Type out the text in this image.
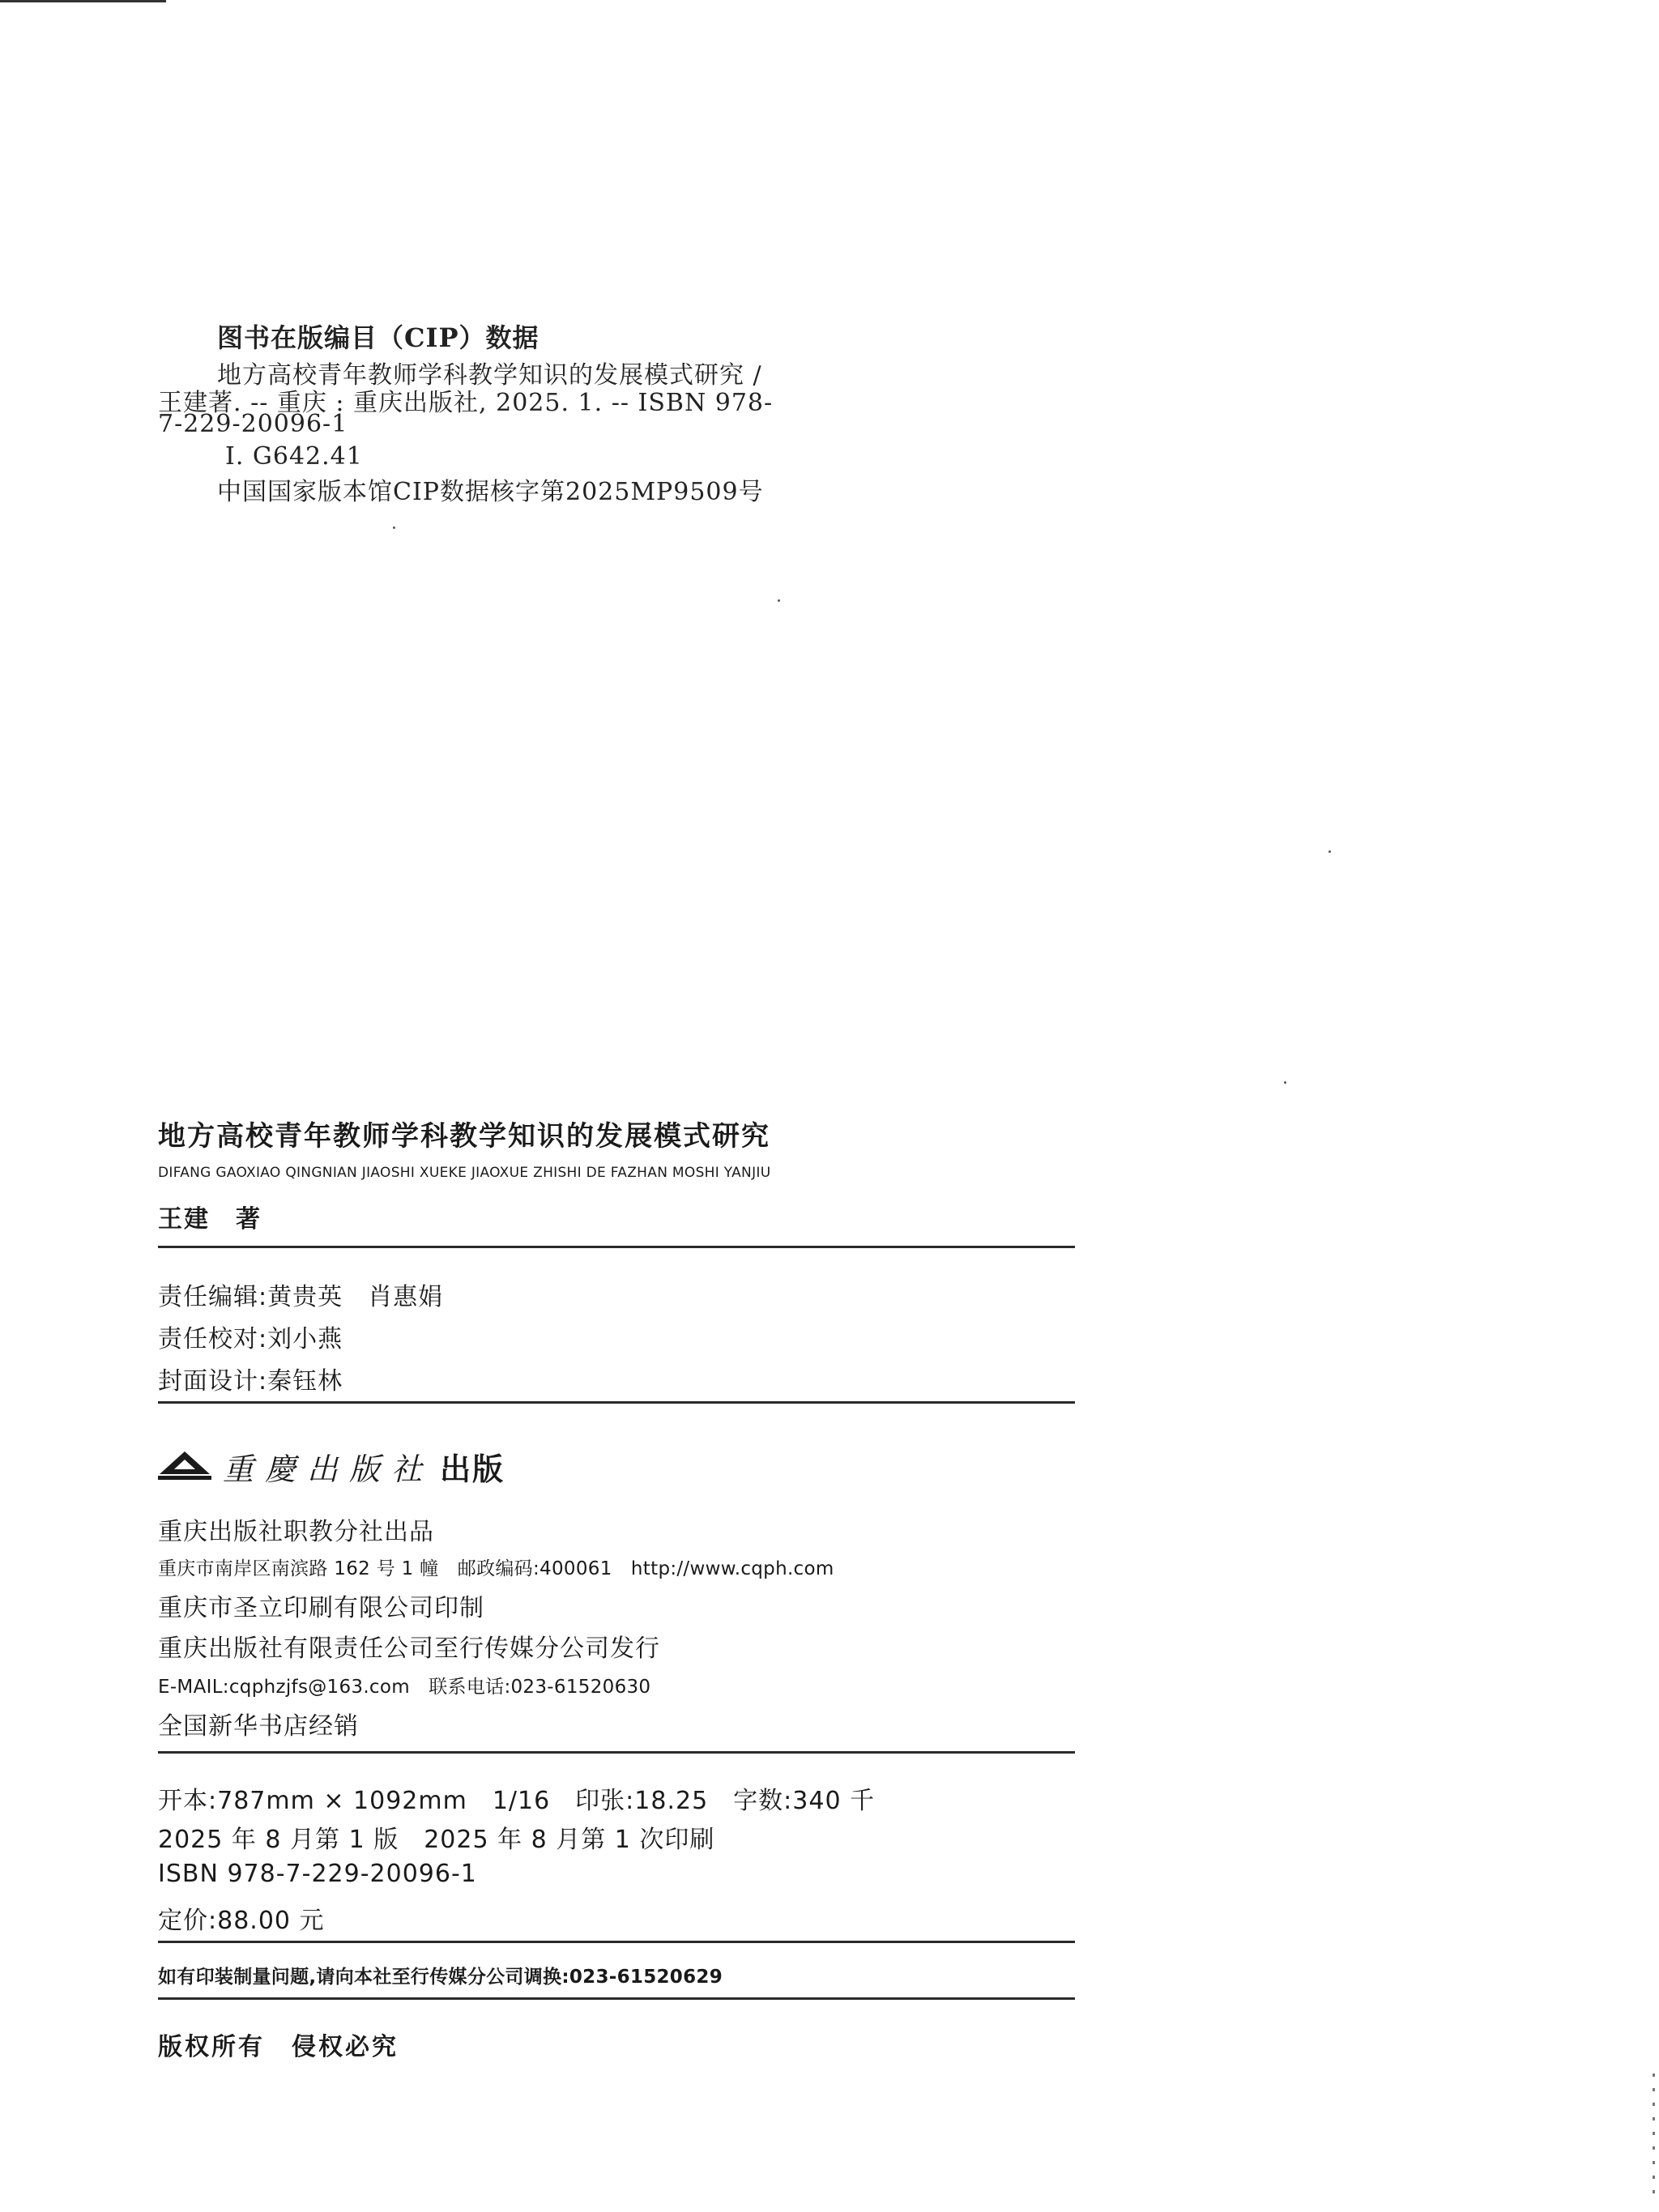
图书在版编目（CIP）数据
地方高校青年教师学科教学知识的发展模式研究 /
王建著. -- 重庆 : 重庆出版社, 2025. 1. -- ISBN 978-
7-229-20096-1
Ⅰ. G642.41
中国国家版本馆CIP数据核字第2025MP9509号
地方高校青年教师学科教学知识的发展模式研究
DIFANG GAOXIAO QINGNIAN JIAOSHI XUEKE JIAOXUE ZHISHI DE FAZHAN MOSHI YANJIU
王建　著
责任编辑:黄贵英　肖惠娟
责任校对:刘小燕
封面设计:秦钰林
重慶出版社 出版
重庆出版社职教分社出品
重庆市南岸区南滨路 162 号 1 幢　邮政编码:400061　http://www.cqph.com
重庆市圣立印刷有限公司印制
重庆出版社有限责任公司至行传媒分公司发行
E-MAIL:cqphzjfs@163.com　联系电话:023-61520630
全国新华书店经销
开本:787mm × 1092mm　1/16　印张:18.25　字数:340 千
2025 年 8 月第 1 版　2025 年 8 月第 1 次印刷
ISBN 978-7-229-20096-1
定价:88.00 元
如有印装制量问题,请向本社至行传媒分公司调换:023-61520629
版权所有　侵权必究
